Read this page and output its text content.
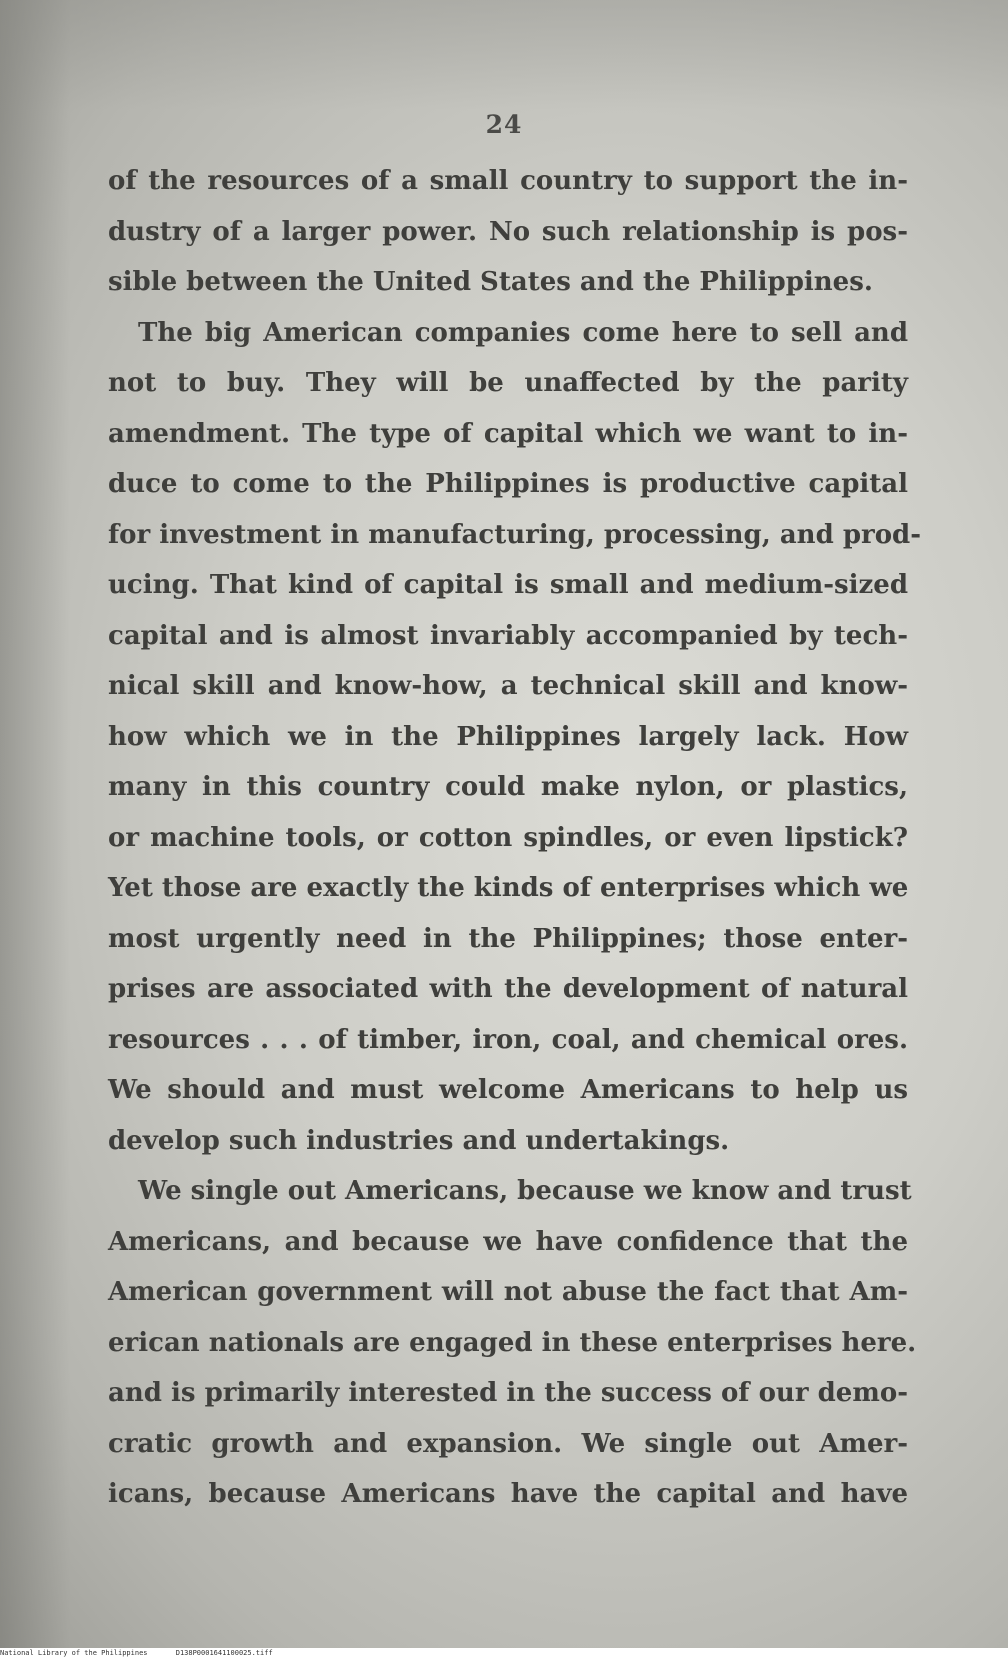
24
of the resources of a small country to support the in-
dustry of a larger power. No such relationship is pos-
sible between the United States and the Philippines.
The big American companies come here to sell and
not to buy. They will be unaffected by the parity
amendment. The type of capital which we want to in-
duce to come to the Philippines is productive capital
for investment in manufacturing, processing, and prod-
ucing. That kind of capital is small and medium-sized
capital and is almost invariably accompanied by tech-
nical skill and know-how, a technical skill and know-
how which we in the Philippines largely lack. How
many in this country could make nylon, or plastics,
or machine tools, or cotton spindles, or even lipstick?
Yet those are exactly the kinds of enterprises which we
most urgently need in the Philippines; those enter-
prises are associated with the development of natural
resources . . . of timber, iron, coal, and chemical ores.
We should and must welcome Americans to help us
develop such industries and undertakings.
We single out Americans, because we know and trust
Americans, and because we have confidence that the
American government will not abuse the fact that Am-
erican nationals are engaged in these enterprises here.
and is primarily interested in the success of our demo-
cratic growth and expansion. We single out Amer-
icans, because Americans have the capital and have
National Library of the Philippines	D138P0001641100025.tiff
